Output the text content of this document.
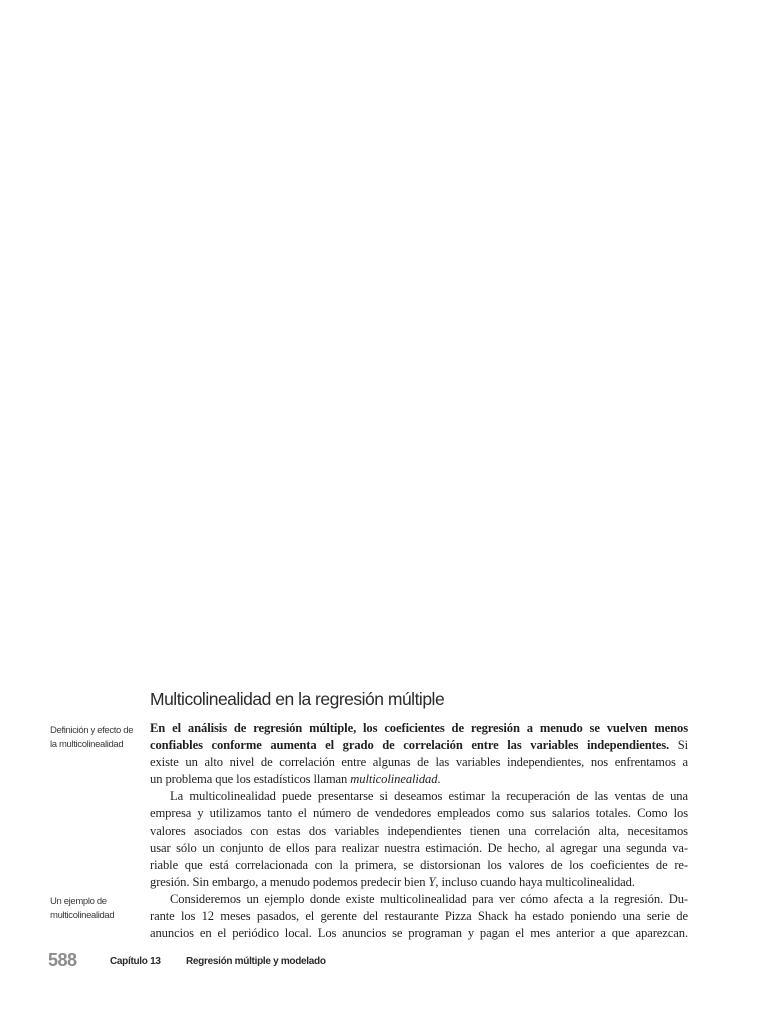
Multicolinealidad en la regresión múltiple
Definición y efecto de
la multicolinealidad
Un ejemplo de
multicolinealidad

En el análisis de regresión múltiple, los coeficientes de regresión a menudo se vuelven menos
confiables conforme aumenta el grado de correlación entre las variables independientes. Si
existe un alto nivel de correlación entre algunas de las variables independientes, nos enfrentamos a
un problema que los estadísticos llaman multicolinealidad.

La multicolinealidad puede presentarse si deseamos estimar la recuperación de las ventas de una
empresa y utilizamos tanto el número de vendedores empleados como sus salarios totales. Como los
valores asociados con estas dos variables independientes tienen una correlación alta, necesitamos
usar sólo un conjunto de ellos para realizar nuestra estimación. De hecho, al agregar una segunda va-
riable que está correlacionada con la primera, se distorsionan los valores de los coeficientes de re-
gresión. Sin embargo, a menudo podemos predecir bien Y, incluso cuando haya multicolinealidad.

Consideremos un ejemplo donde existe multicolinealidad para ver cómo afecta a la regresión. Du-
rante los 12 meses pasados, el gerente del restaurante Pizza Shack ha estado poniendo una serie de
anuncios en el periódico local. Los anuncios se programan y pagan el mes anterior a que aparezcan.

588	Capítulo 13	Regresión múltiple y modelado
